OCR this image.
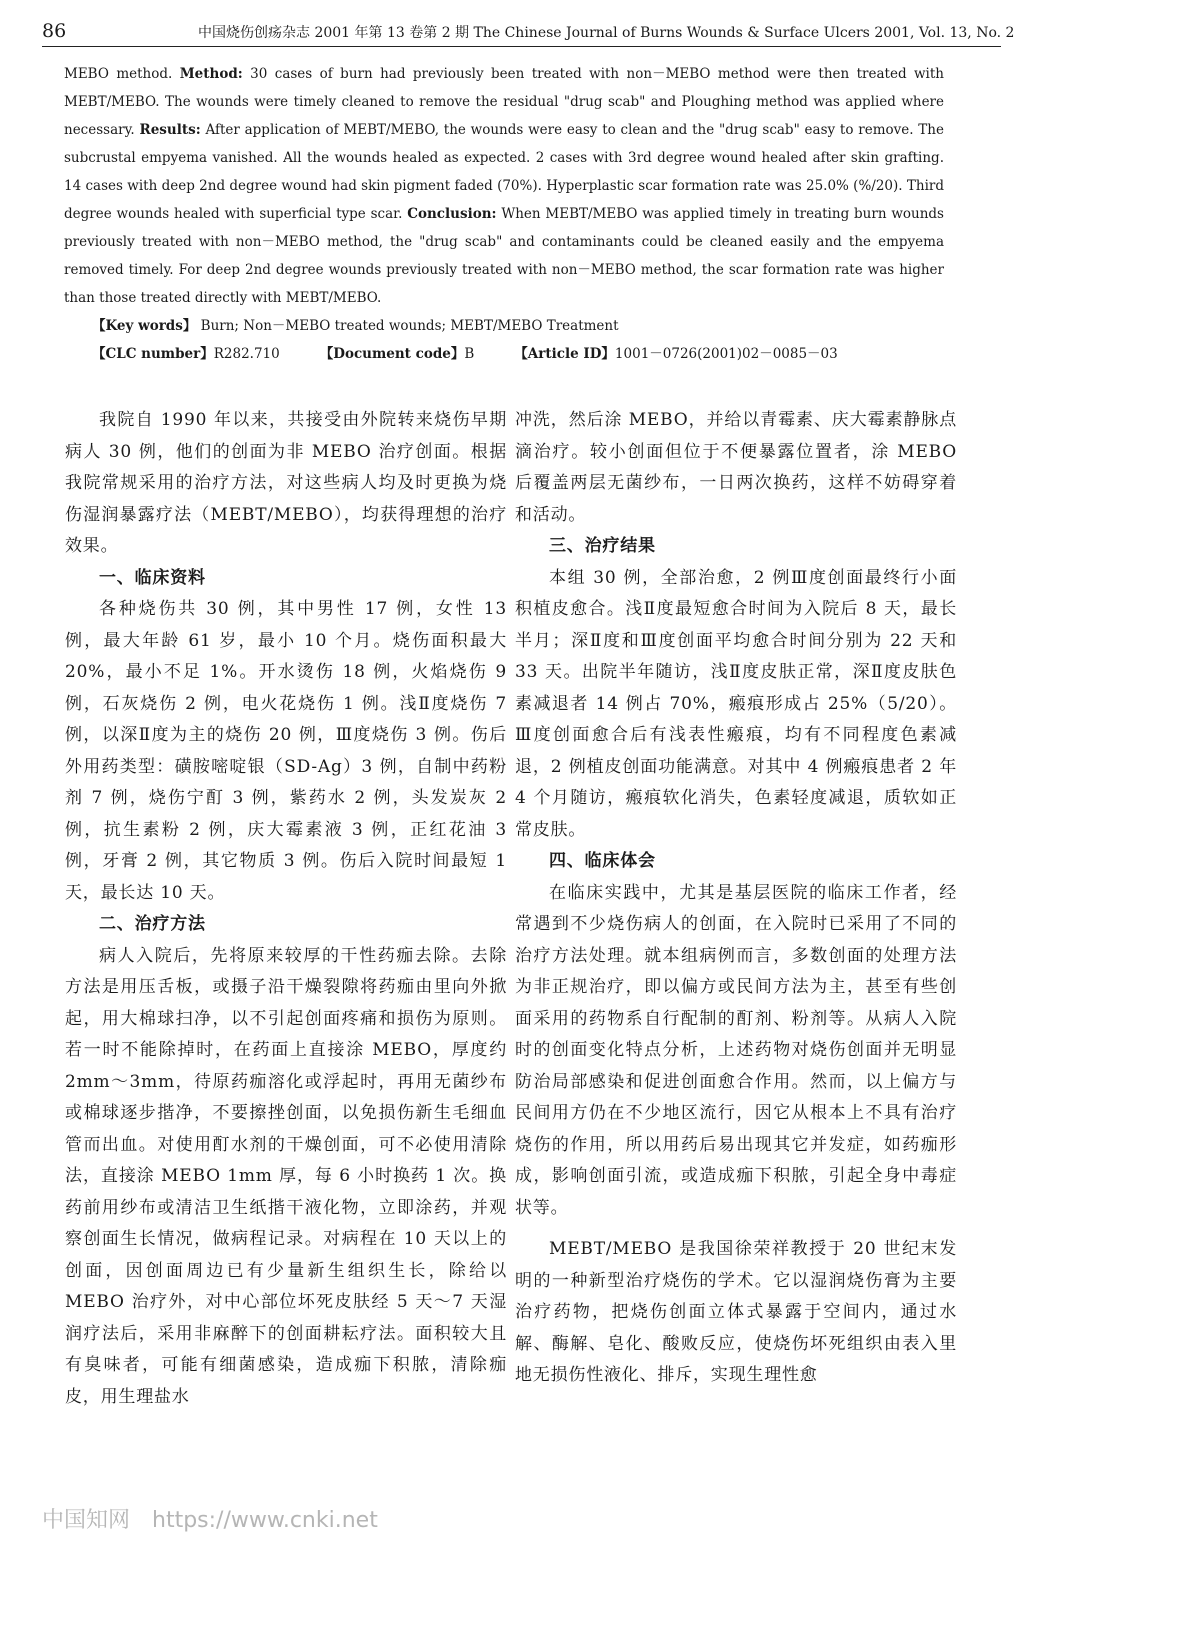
86	中国烧伤创疡杂志 2001 年第 13 卷第 2 期 The Chinese Journal of Burns Wounds & Surface Ulcers 2001, Vol. 13, No. 2

MEBO method. Method: 30 cases of burn had previously been treated with non－MEBO method were then treated with MEBT/MEBO. The wounds were timely cleaned to remove the residual "drug scab" and Ploughing method was applied where necessary. Results: After application of MEBT/MEBO, the wounds were easy to clean and the "drug scab" easy to remove. The subcrustal empyema vanished. All the wounds healed as expected. 2 cases with 3rd degree wound healed after skin grafting. 14 cases with deep 2nd degree wound had skin pigment faded (70%). Hyperplastic scar formation rate was 25.0% (%/20). Third degree wounds healed with superficial type scar. Conclusion: When MEBT/MEBO was applied timely in treating burn wounds previously treated with non－MEBO method, the "drug scab" and contaminants could be cleaned easily and the empyema removed timely. For deep 2nd degree wounds previously treated with non－MEBO method, the scar formation rate was higher than those treated directly with MEBT/MEBO.

【Key words】 Burn; Non－MEBO treated wounds; MEBT/MEBO Treatment
【CLC number】R282.710	【Document code】B	【Article ID】1001－0726(2001)02－0085－03

我院自 1990 年以来，共接受由外院转来烧伤早期病人 30 例，他们的创面为非 MEBO 治疗创面。根据我院常规采用的治疗方法，对这些病人均及时更换为烧伤湿润暴露疗法（MEBT/MEBO），均获得理想的治疗效果。

一、临床资料

各种烧伤共 30 例，其中男性 17 例，女性 13 例，最大年龄 61 岁，最小 10 个月。烧伤面积最大 20%，最小不足 1%。开水烫伤 18 例，火焰烧伤 9 例，石灰烧伤 2 例，电火花烧伤 1 例。浅Ⅱ度烧伤 7 例，以深Ⅱ度为主的烧伤 20 例，Ⅲ度烧伤 3 例。伤后外用药类型：磺胺嘧啶银（SD-Ag）3 例，自制中药粉剂 7 例，烧伤宁酊 3 例，紫药水 2 例，头发炭灰 2 例，抗生素粉 2 例，庆大霉素液 3 例，正红花油 3 例，牙膏 2 例，其它物质 3 例。伤后入院时间最短 1 天，最长达 10 天。

二、治疗方法

病人入院后，先将原来较厚的干性药痂去除。去除方法是用压舌板，或摄子沿干燥裂隙将药痂由里向外掀起，用大棉球扫净，以不引起创面疼痛和损伤为原则。若一时不能除掉时，在药面上直接涂 MEBO，厚度约 2mm～3mm，待原药痂溶化或浮起时，再用无菌纱布或棉球逐步揩净，不要擦挫创面，以免损伤新生毛细血管而出血。对使用酊水剂的干燥创面，可不必使用清除法，直接涂 MEBO 1mm 厚，每 6 小时换药 1 次。换药前用纱布或清洁卫生纸揩干液化物，立即涂药，并观察创面生长情况，做病程记录。对病程在 10 天以上的创面，因创面周边已有少量新生组织生长，除给以 MEBO 治疗外，对中心部位坏死皮肤经 5 天～7 天湿润疗法后，采用非麻醉下的创面耕耘疗法。面积较大且有臭味者，可能有细菌感染，造成痂下积脓，清除痂皮，用生理盐水

冲洗，然后涂 MEBO，并给以青霉素、庆大霉素静脉点滴治疗。较小创面但位于不便暴露位置者，涂 MEBO 后覆盖两层无菌纱布，一日两次换药，这样不妨碍穿着和活动。

三、治疗结果

本组 30 例，全部治愈，2 例Ⅲ度创面最终行小面积植皮愈合。浅Ⅱ度最短愈合时间为入院后 8 天，最长半月；深Ⅱ度和Ⅲ度创面平均愈合时间分别为 22 天和 33 天。出院半年随访，浅Ⅱ度皮肤正常，深Ⅱ度皮肤色素减退者 14 例占 70%，瘢痕形成占 25%（5/20）。Ⅲ度创面愈合后有浅表性瘢痕，均有不同程度色素减退，2 例植皮创面功能满意。对其中 4 例瘢痕患者 2 年 4 个月随访，瘢痕软化消失，色素轻度减退，质软如正常皮肤。

四、临床体会

在临床实践中，尤其是基层医院的临床工作者，经常遇到不少烧伤病人的创面，在入院时已采用了不同的治疗方法处理。就本组病例而言，多数创面的处理方法为非正规治疗，即以偏方或民间方法为主，甚至有些创面采用的药物系自行配制的酊剂、粉剂等。从病人入院时的创面变化特点分析，上述药物对烧伤创面并无明显防治局部感染和促进创面愈合作用。然而，以上偏方与民间用方仍在不少地区流行，因它从根本上不具有治疗烧伤的作用，所以用药后易出现其它并发症，如药痂形成，影响创面引流，或造成痂下积脓，引起全身中毒症状等。

MEBT/MEBO 是我国徐荣祥教授于 20 世纪末发明的一种新型治疗烧伤的学术。它以湿润烧伤膏为主要治疗药物，把烧伤创面立体式暴露于空间内，通过水解、酶解、皂化、酸败反应，使烧伤坏死组织由表入里地无损伤性液化、排斥，实现生理性愈

中国知网 https://www.cnki.net
